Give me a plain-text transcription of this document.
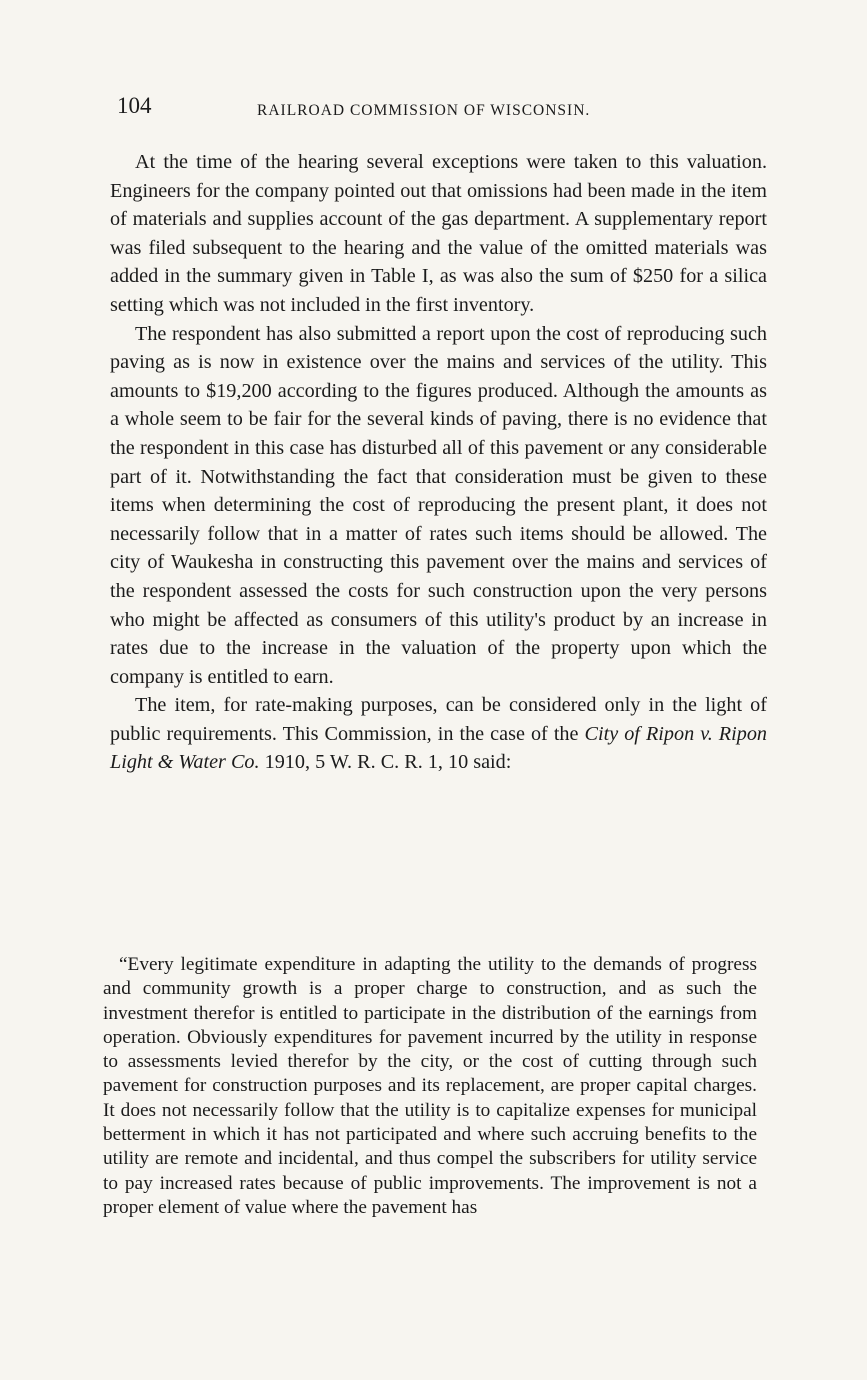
104	RAILROAD COMMISSION OF WISCONSIN.

At the time of the hearing several exceptions were taken to this valuation. Engineers for the company pointed out that omissions had been made in the item of materials and supplies account of the gas department. A supplementary report was filed subsequent to the hearing and the value of the omitted materials was added in the summary given in Table I, as was also the sum of $250 for a silica setting which was not included in the first inventory.

The respondent has also submitted a report upon the cost of reproducing such paving as is now in existence over the mains and services of the utility. This amounts to $19,200 according to the figures produced. Although the amounts as a whole seem to be fair for the several kinds of paving, there is no evidence that the respondent in this case has disturbed all of this pavement or any considerable part of it. Notwithstanding the fact that consideration must be given to these items when determining the cost of reproducing the present plant, it does not necessarily follow that in a matter of rates such items should be allowed. The city of Waukesha in constructing this pavement over the mains and services of the respondent assessed the costs for such construction upon the very persons who might be affected as consumers of this utility's product by an increase in rates due to the increase in the valuation of the property upon which the company is entitled to earn.

The item, for rate-making purposes, can be considered only in the light of public requirements. This Commission, in the case of the City of Ripon v. Ripon Light & Water Co. 1910, 5 W. R. C. R. 1, 10 said:

“Every legitimate expenditure in adapting the utility to the demands of progress and community growth is a proper charge to construction, and as such the investment therefor is entitled to participate in the distribution of the earnings from operation. Obviously expenditures for pavement incurred by the utility in response to assessments levied therefor by the city, or the cost of cutting through such pavement for construction purposes and its replacement, are proper capital charges. It does not necessarily follow that the utility is to capitalize expenses for municipal betterment in which it has not participated and where such accruing benefits to the utility are remote and incidental, and thus compel the subscribers for utility service to pay increased rates because of public improvements. The improvement is not a proper element of value where the pavement has
